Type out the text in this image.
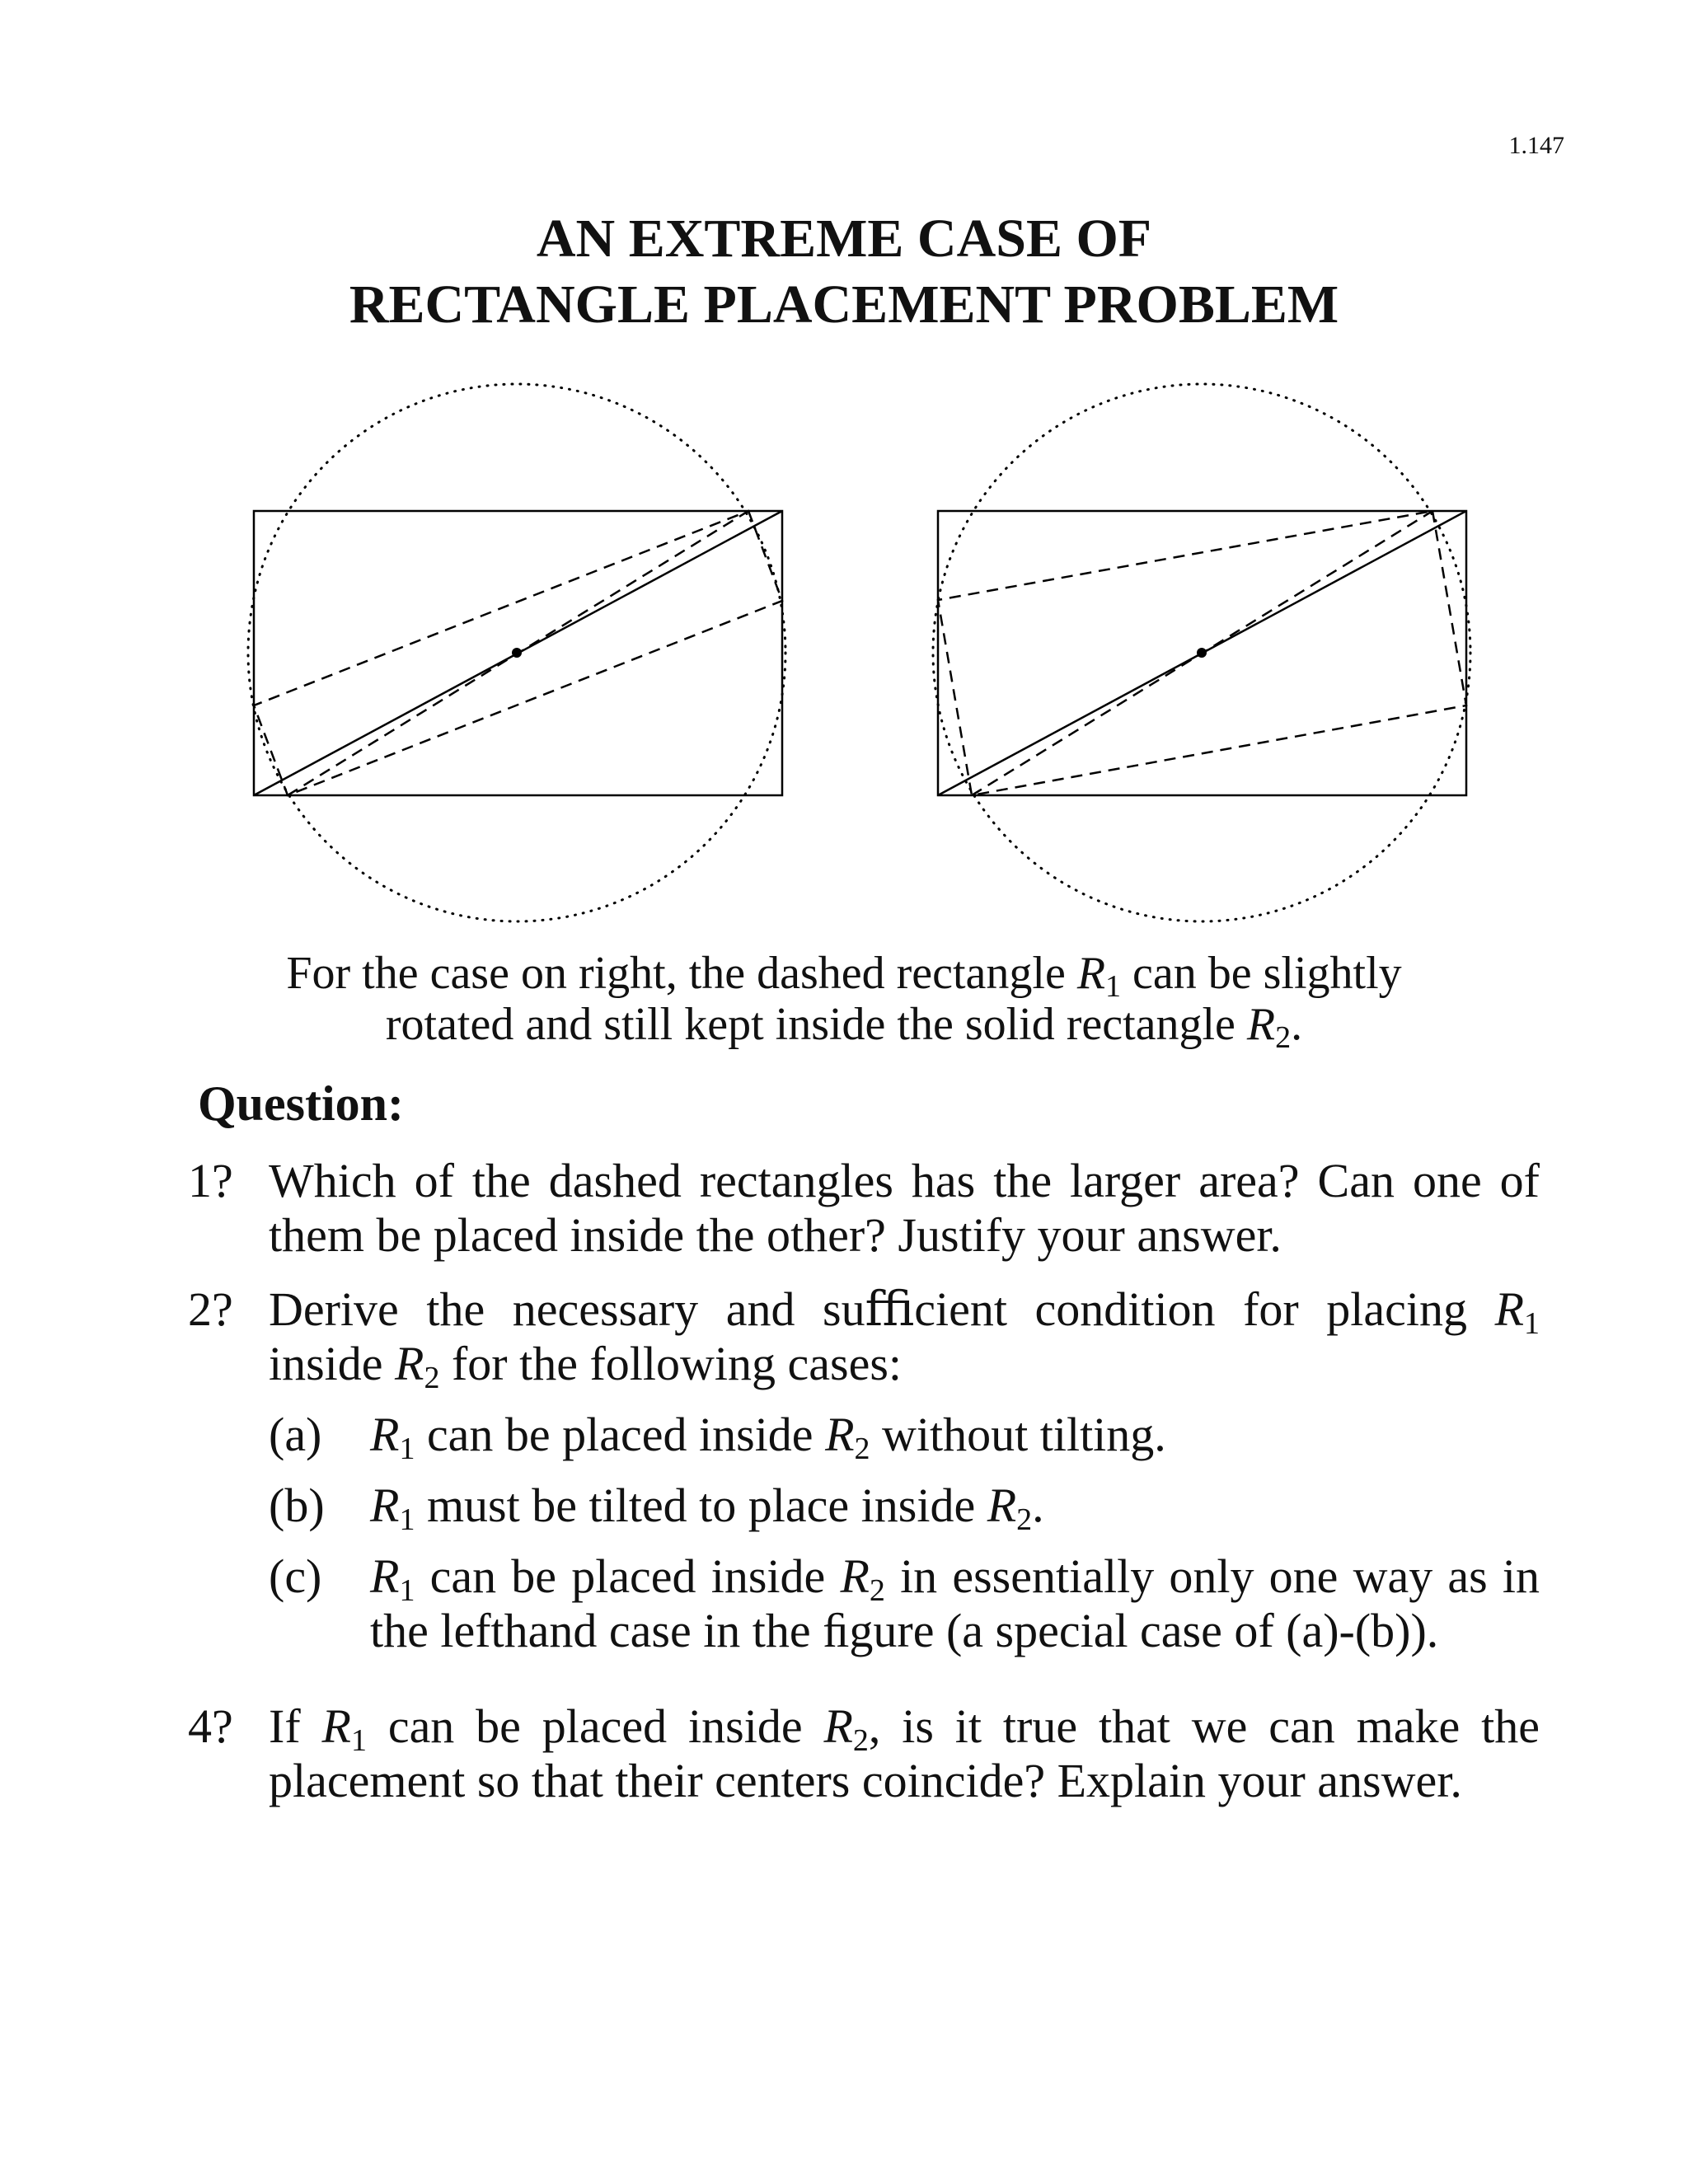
1.147
AN EXTREME CASE OF
RECTANGLE PLACEMENT PROBLEM
For the case on right, the dashed rectangle $R_1$ can be slightly
rotated and still kept inside the solid rectangle $R_2$.
Question:
1? Which of the dashed rectangles has the larger area? Can one of them be placed inside the other? Justify your answer.
2? Derive the necessary and suﬃcient condition for placing $R_1$ inside $R_2$ for the following cases:
(a) $R_1$ can be placed inside $R_2$ without tilting.
(b) $R_1$ must be tilted to place inside $R_2$.
(c) $R_1$ can be placed inside $R_2$ in essentially only one way as in the lefthand case in the ﬁgure (a special case of (a)-(b)).
4? If $R_1$ can be placed inside $R_2$, is it true that we can make the placement so that their centers coincide? Explain your answer.
